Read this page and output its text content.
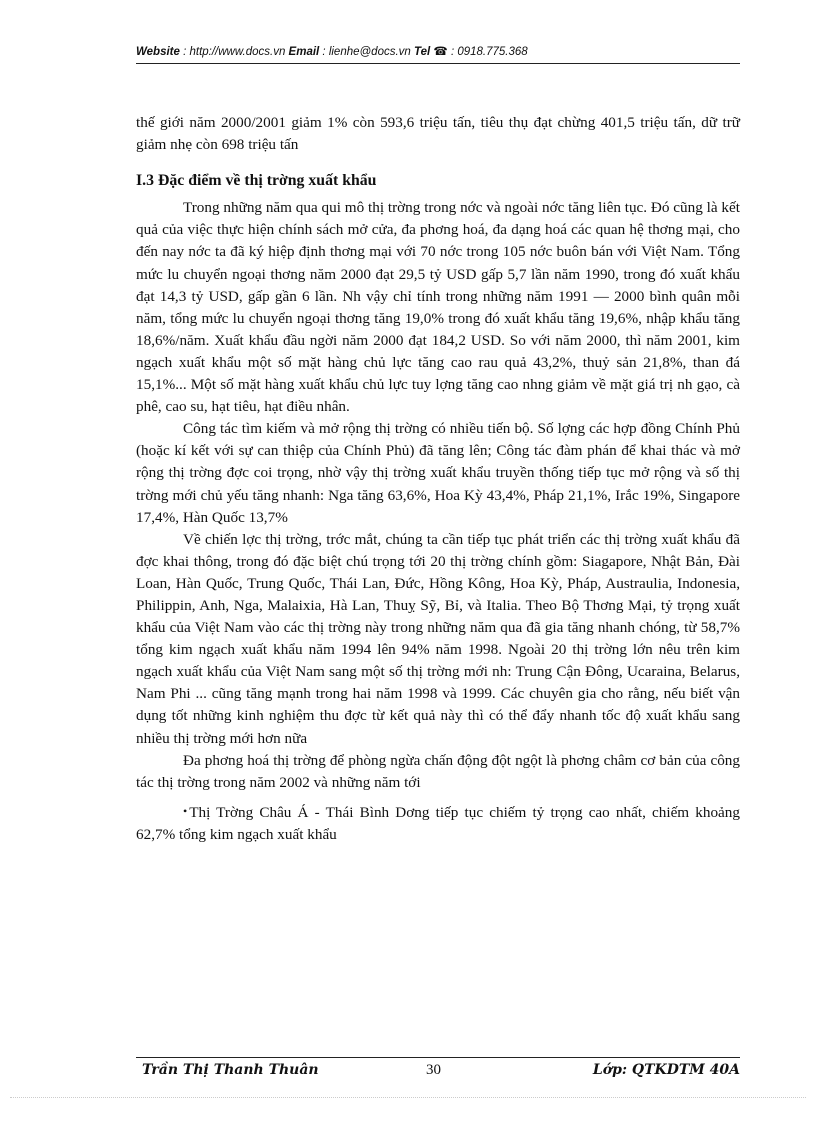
Website : http://www.docs.vn Email : lienhe@docs.vn Tel ☎ : 0918.775.368

thế giới năm 2000/2001 giảm 1% còn 593,6 triệu tấn, tiêu thụ đạt chừng 401,5 triệu tấn, dữ trữ giảm nhẹ còn 698 triệu tấn

I.3 Đặc điểm về thị trờng xuất khẩu

Trong những năm qua qui mô thị trờng trong nớc và ngoài nớc tăng liên tục. Đó cũng là kết quả của việc thực hiện chính sách mở cửa, đa phơng hoá, đa dạng hoá các quan hệ thơng mại, cho đến nay nớc ta đã ký hiệp định thơng mại với 70 nớc trong 105 nớc buôn bán với Việt Nam. Tổng mức lu chuyển ngoại thơng năm 2000 đạt 29,5 tỷ USD gấp 5,7 lần năm 1990, trong đó xuất khẩu đạt 14,3 tỷ USD, gấp gần 6 lần. Nh vậy chỉ tính trong những năm 1991 — 2000 bình quân mỗi năm, tổng mức lu chuyển ngoại thơng tăng 19,0% trong đó xuất khẩu tăng 19,6%, nhập khẩu tăng 18,6%/năm. Xuất khẩu đầu ngời năm 2000 đạt 184,2 USD. So với năm 2000, thì năm 2001, kim ngạch xuất khẩu một số mặt hàng chủ lực tăng cao rau quả 43,2%, thuỷ sản 21,8%, than đá 15,1%... Một số mặt hàng xuất khẩu chủ lực tuy lợng tăng cao nhng giảm về mặt giá trị nh gạo, cà phê, cao su, hạt tiêu, hạt điều nhân.

Công tác tìm kiếm và mở rộng thị trờng có nhiều tiến bộ. Số lợng các hợp đồng Chính Phủ (hoặc kí kết với sự can thiệp của Chính Phủ) đã tăng lên; Công tác đàm phán để khai thác và mở rộng thị trờng đợc coi trọng, nhờ vậy thị trờng xuất khẩu truyền thống tiếp tục mở rộng và số thị trờng mới chủ yếu tăng nhanh: Nga tăng 63,6%, Hoa Kỳ 43,4%, Pháp 21,1%, Irắc 19%, Singapore 17,4%, Hàn Quốc 13,7%

Về chiến lợc thị trờng, trớc mắt, chúng ta cần tiếp tục phát triển các thị trờng xuất khẩu đã đợc khai thông, trong đó đặc biệt chú trọng tới 20 thị trờng chính gồm: Siagapore, Nhật Bản, Đài Loan, Hàn Quốc, Trung Quốc, Thái Lan, Đức, Hồng Kông, Hoa Kỳ, Pháp, Austraulia, Indonesia, Philippin, Anh, Nga, Malaixia, Hà Lan, Thuỵ Sỹ, Bỉ, và Italia. Theo Bộ Thơng Mại, tỷ trọng xuất khẩu của Việt Nam vào các thị trờng này trong những năm qua đã gia tăng nhanh chóng, từ 58,7% tổng kim ngạch xuất khẩu năm 1994 lên 94% năm 1998. Ngoài 20 thị trờng lớn nêu trên kim ngạch xuất khẩu của Việt Nam sang một số thị trờng mới nh: Trung Cận Đông, Ucaraina, Belarus, Nam Phi ... cũng tăng mạnh trong hai năm 1998 và 1999. Các chuyên gia cho rằng, nếu biết vận dụng tốt những kinh nghiệm thu đợc từ kết quả này thì có thể đẩy nhanh tốc độ xuất khẩu sang nhiều thị trờng mới hơn nữa

Đa phơng hoá thị trờng để phòng ngừa chấn động đột ngột là phơng châm cơ bản của công tác thị trờng trong năm 2002 và những năm tới

• Thị Trờng Châu Á - Thái Bình Dơng tiếp tục chiếm tỷ trọng cao nhất, chiếm khoảng 62,7% tổng kim ngạch xuất khẩu

Trần Thị Thanh Thuân	30	Lớp: QTKDTM 40A
